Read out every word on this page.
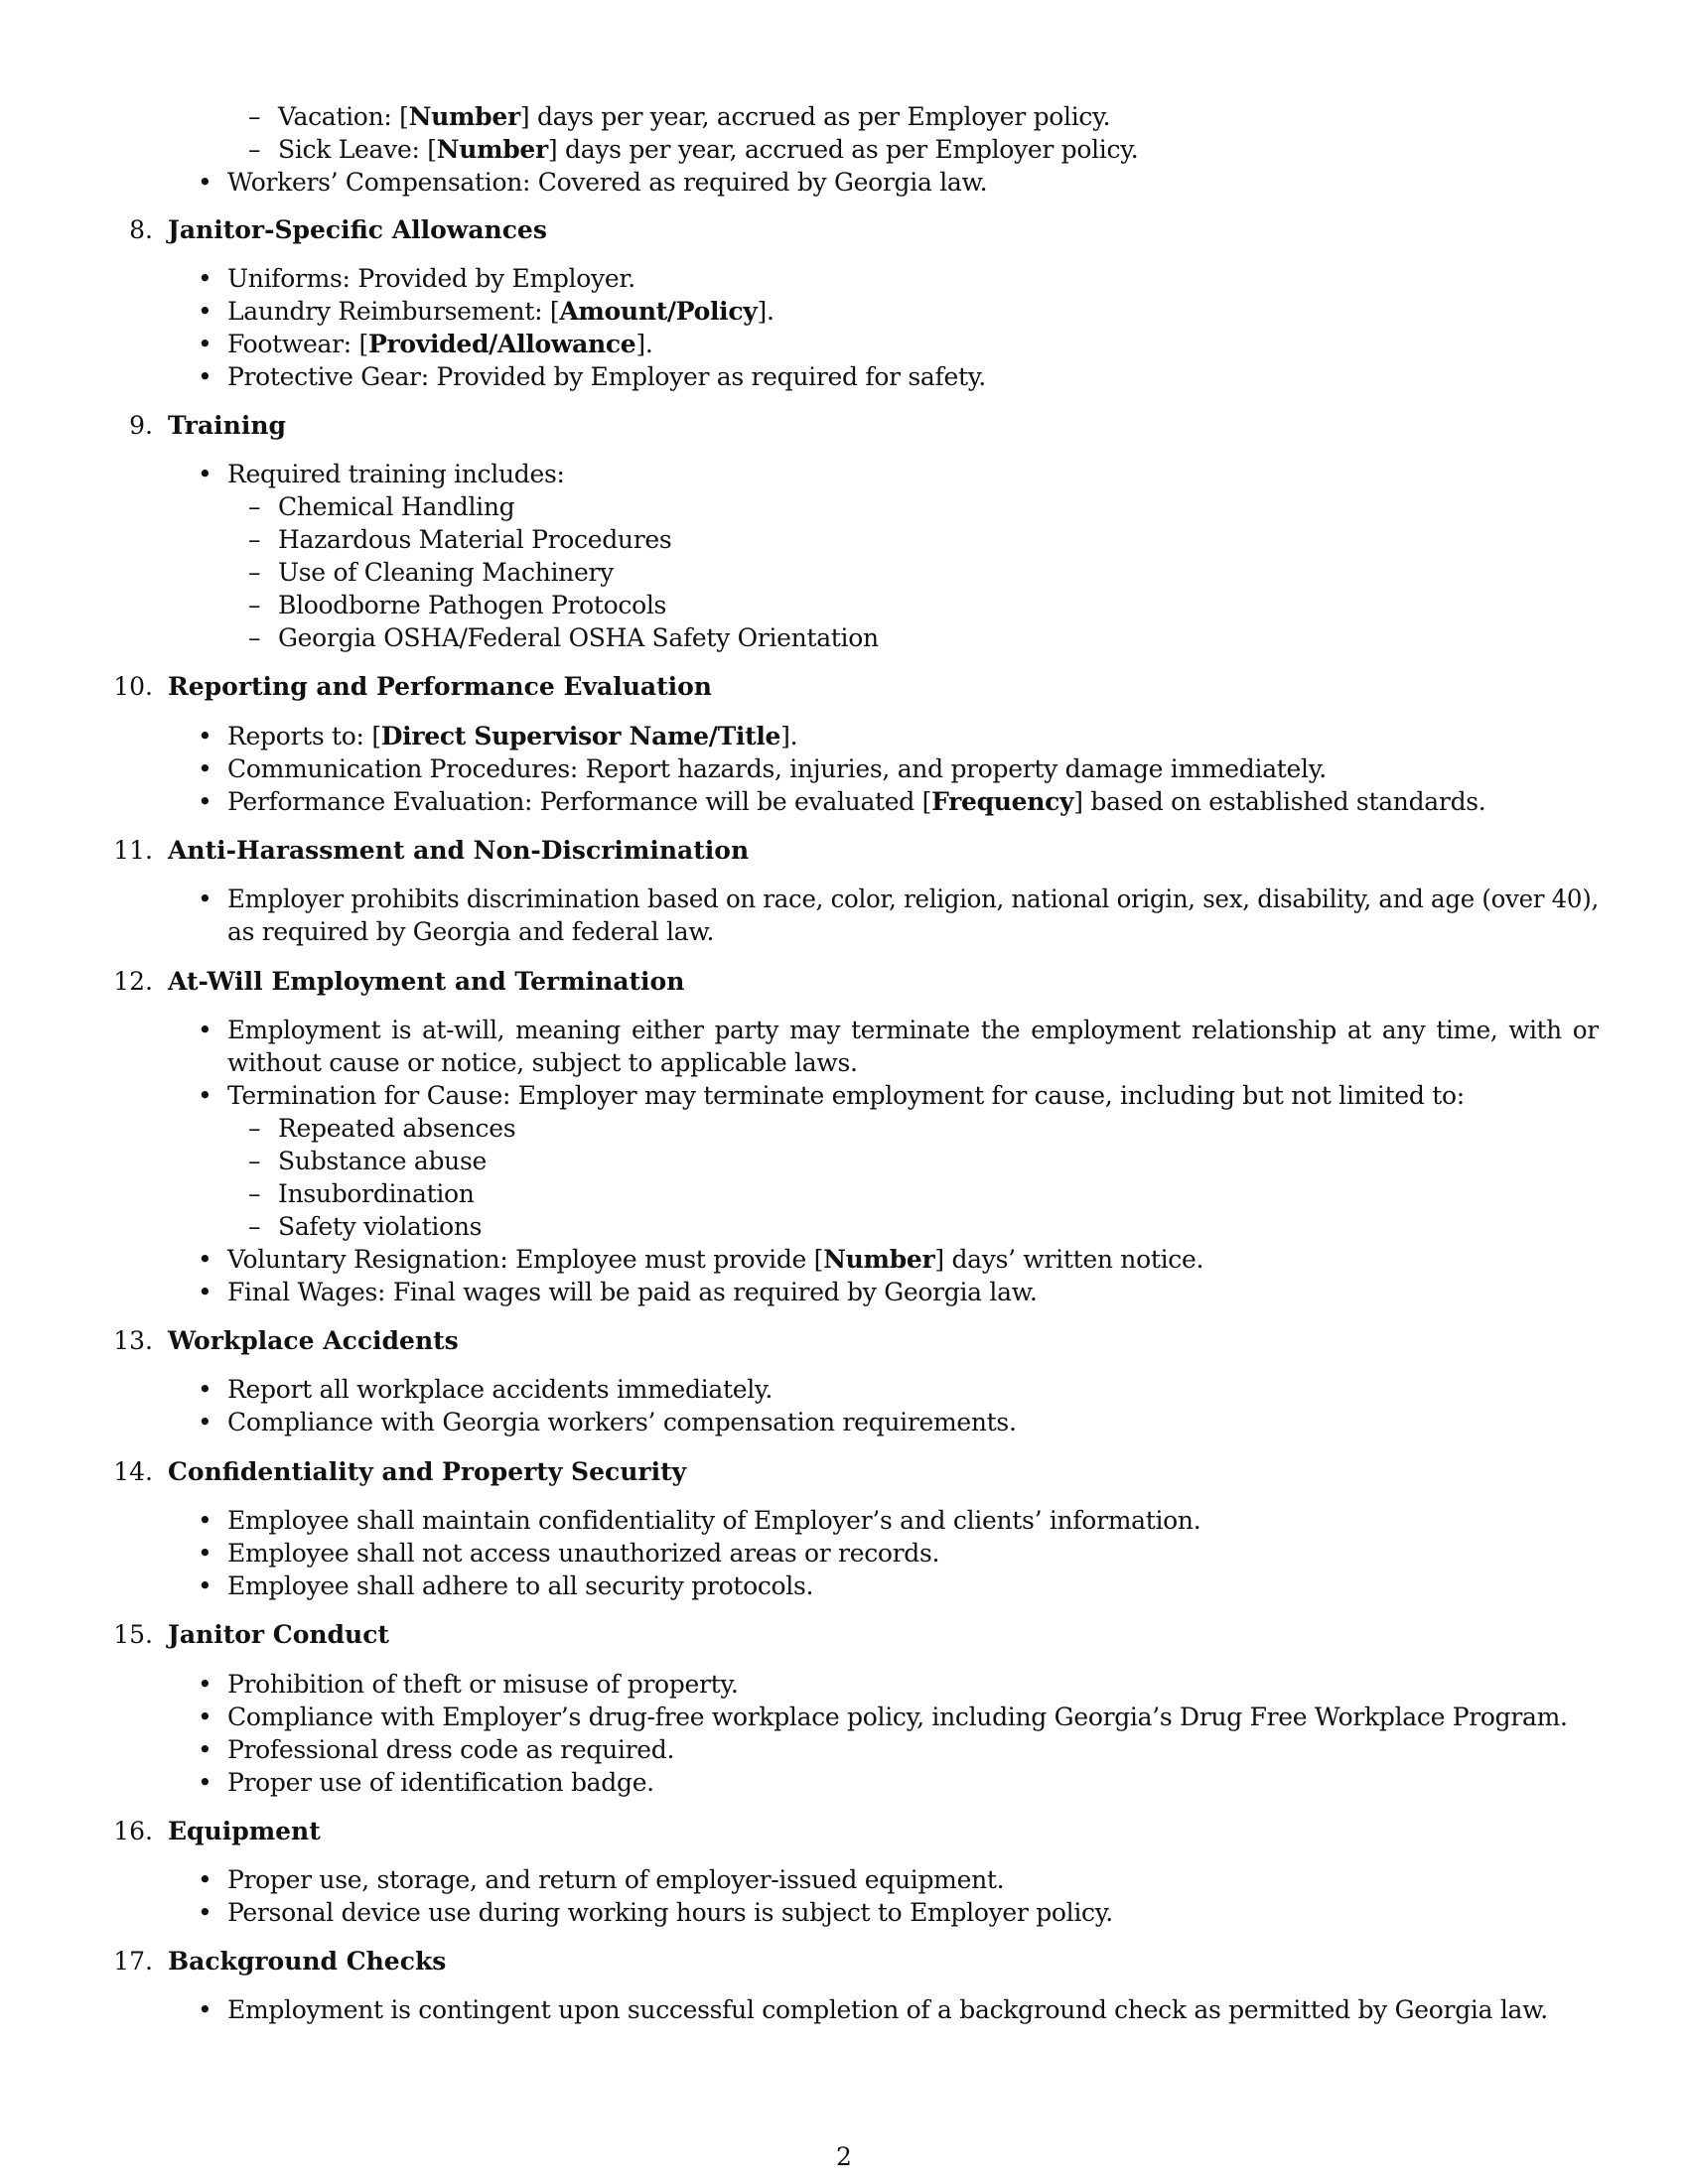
– Vacation: [Number] days per year, accrued as per Employer policy.
– Sick Leave: [Number] days per year, accrued as per Employer policy.
• Workers’ Compensation: Covered as required by Georgia law.
8. Janitor-Specific Allowances
• Uniforms: Provided by Employer.
• Laundry Reimbursement: [Amount/Policy].
• Footwear: [Provided/Allowance].
• Protective Gear: Provided by Employer as required for safety.
9. Training
• Required training includes:
– Chemical Handling
– Hazardous Material Procedures
– Use of Cleaning Machinery
– Bloodborne Pathogen Protocols
– Georgia OSHA/Federal OSHA Safety Orientation
10. Reporting and Performance Evaluation
• Reports to: [Direct Supervisor Name/Title].
• Communication Procedures: Report hazards, injuries, and property damage immediately.
• Performance Evaluation: Performance will be evaluated [Frequency] based on established standards.
11. Anti-Harassment and Non-Discrimination
• Employer prohibits discrimination based on race, color, religion, national origin, sex, disability, and age (over 40),
as required by Georgia and federal law.
12. At-Will Employment and Termination
• Employment is at-will, meaning either party may terminate the employment relationship at any time, with or
without cause or notice, subject to applicable laws.
• Termination for Cause: Employer may terminate employment for cause, including but not limited to:
– Repeated absences
– Substance abuse
– Insubordination
– Safety violations
• Voluntary Resignation: Employee must provide [Number] days’ written notice.
• Final Wages: Final wages will be paid as required by Georgia law.
13. Workplace Accidents
• Report all workplace accidents immediately.
• Compliance with Georgia workers’ compensation requirements.
14. Confidentiality and Property Security
• Employee shall maintain confidentiality of Employer’s and clients’ information.
• Employee shall not access unauthorized areas or records.
• Employee shall adhere to all security protocols.
15. Janitor Conduct
• Prohibition of theft or misuse of property.
• Compliance with Employer’s drug-free workplace policy, including Georgia’s Drug Free Workplace Program.
• Professional dress code as required.
• Proper use of identification badge.
16. Equipment
• Proper use, storage, and return of employer-issued equipment.
• Personal device use during working hours is subject to Employer policy.
17. Background Checks
• Employment is contingent upon successful completion of a background check as permitted by Georgia law.
2
